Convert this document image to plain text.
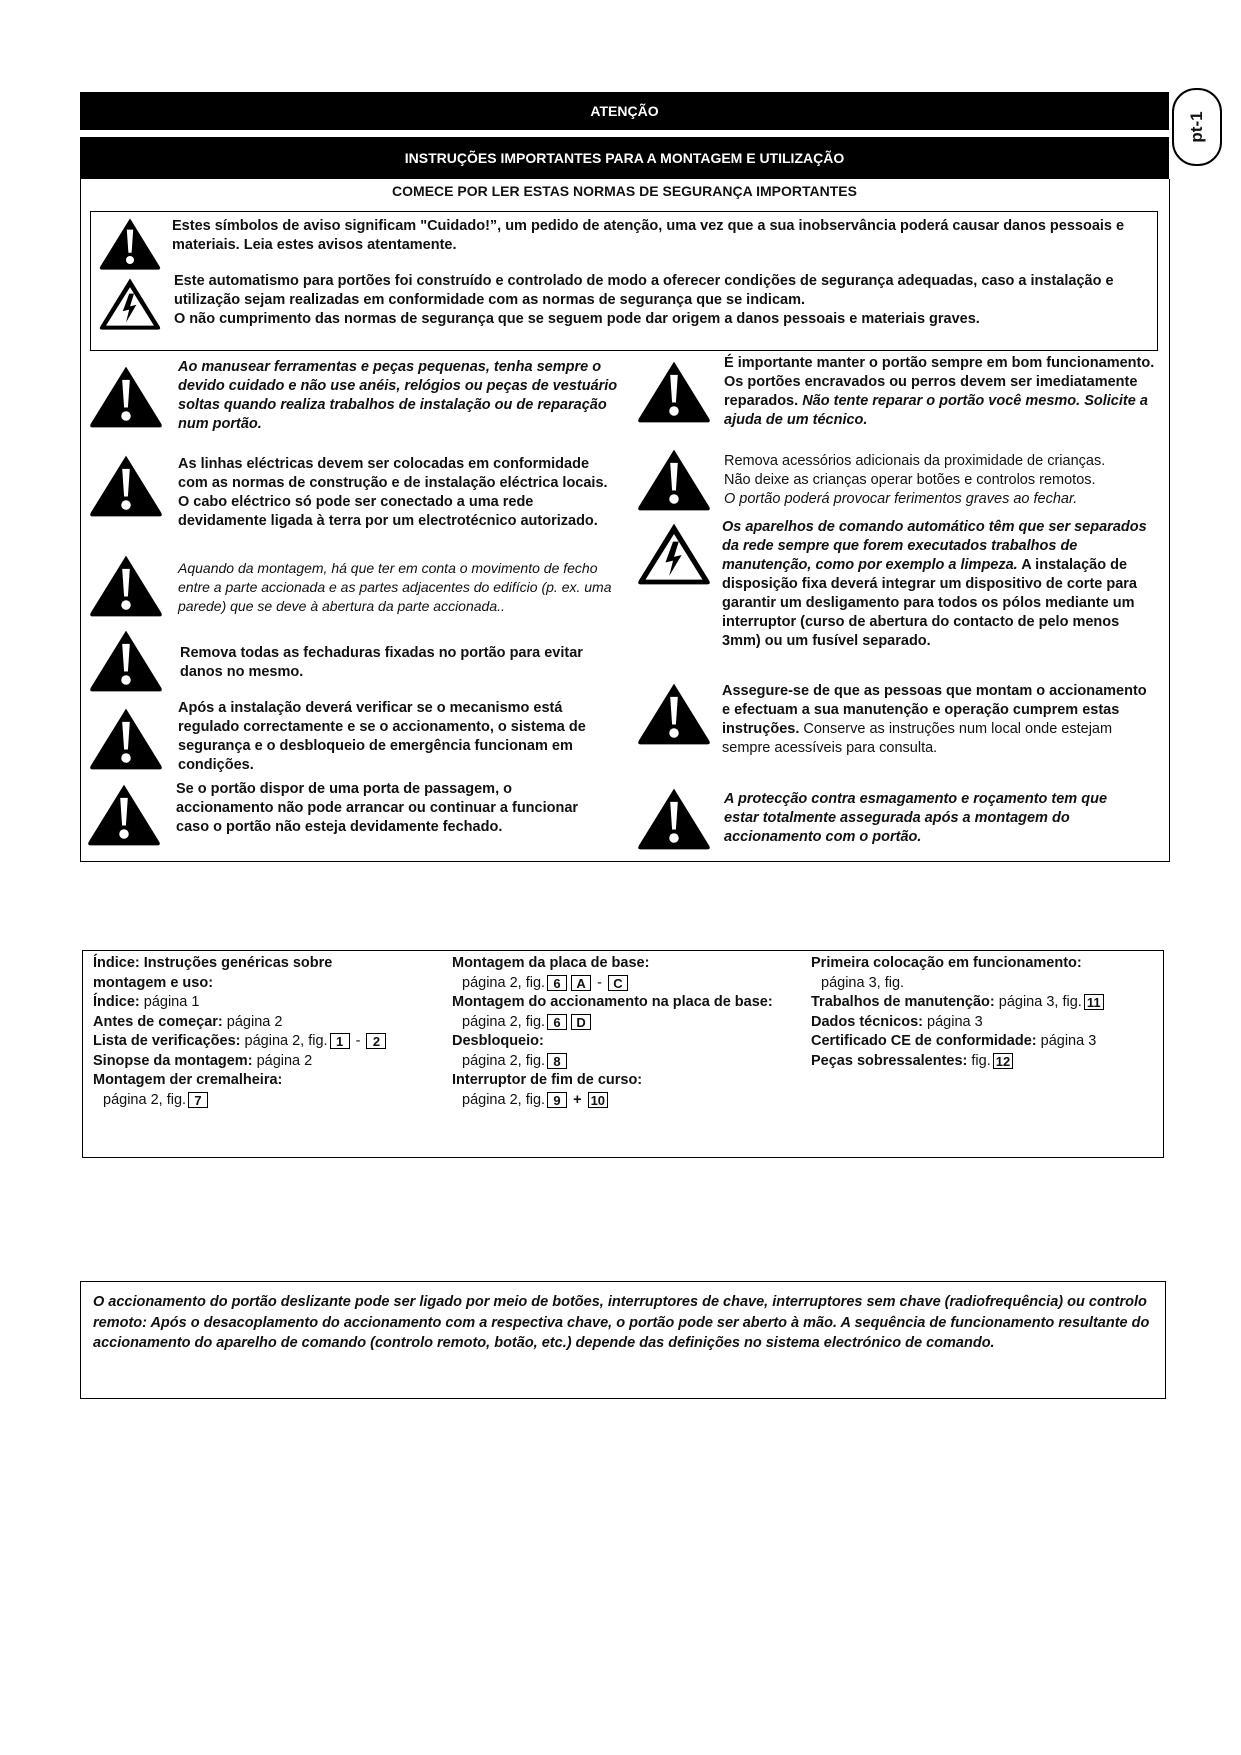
ATENÇÃO
INSTRUÇÕES IMPORTANTES PARA A MONTAGEM E UTILIZAÇÃO
COMECE POR LER ESTAS NORMAS DE SEGURANÇA IMPORTANTES
pt-1
Estes símbolos de aviso significam "Cuidado!”, um pedido de atenção, uma vez que a sua inobservância poderá causar danos pessoais e materiais. Leia estes avisos atentamente.
Este automatismo para portões foi construído e controlado de modo a oferecer condições de segurança adequadas, caso a instalação e utilização sejam realizadas em conformidade com as normas de segurança que se indicam.
O não cumprimento das normas de segurança que se seguem pode dar origem a danos pessoais e materiais graves.
Ao manusear ferramentas e peças pequenas, tenha sempre o devido cuidado e não use anéis, relógios ou peças de vestuário soltas quando realiza trabalhos de instalação ou de reparação num portão.
As linhas eléctricas devem ser colocadas em conformidade com as normas de construção e de instalação eléctrica locais. O cabo eléctrico só pode ser conectado a uma rede devidamente ligada à terra por um electrotécnico autorizado.
Aquando da montagem, há que ter em conta o movimento de fecho entre a parte accionada e as partes adjacentes do edifício (p. ex. uma parede) que se deve à abertura da parte accionada..
Remova todas as fechaduras fixadas no portão para evitar danos no mesmo.
Após a instalação deverá verificar se o mecanismo está regulado correctamente e se o accionamento, o sistema de segurança e o desbloqueio de emergência funcionam em condições.
Se o portão dispor de uma porta de passagem, o accionamento não pode arrancar ou continuar a funcionar caso o portão não esteja devidamente fechado.
É importante manter o portão sempre em bom funcionamento. Os portões encravados ou perros devem ser imediatamente reparados. Não tente reparar o portão você mesmo. Solicite a ajuda de um técnico.
Remova acessórios adicionais da proximidade de crianças.
Não deixe as crianças operar botões e controlos remotos.
O portão poderá provocar ferimentos graves ao fechar.
Os aparelhos de comando automático têm que ser separados da rede sempre que forem executados trabalhos de manutenção, como por exemplo a limpeza. A instalação de disposição fixa deverá integrar um dispositivo de corte para garantir um desligamento para todos os pólos mediante um interruptor (curso de abertura do contacto de pelo menos 3mm) ou um fusível separado.
Assegure-se de que as pessoas que montam o accionamento e efectuam a sua manutenção e operação cumprem estas instruções. Conserve as instruções num local onde estejam sempre acessíveis para consulta.
A protecção contra esmagamento e roçamento tem que estar totalmente assegurada após a montagem do accionamento com o portão.
Índice: Instruções genéricas sobre
montagem e uso:
Índice: página 1
Antes de começar: página 2
Lista de verificações: página 2, fig. 1 - 2
Sinopse da montagem: página 2
Montagem der cremalheira:
página 2, fig. 7
Montagem da placa de base:
página 2, fig. 6 A - C
Montagem do accionamento na placa de base:
página 2, fig. 6 D
Desbloqueio:
página 2, fig. 8
Interruptor de fim de curso:
página 2, fig. 9 + 10
Primeira colocação em funcionamento:
página 3, fig.
Trabalhos de manutenção: página 3, fig. 11
Dados técnicos: página 3
Certificado CE de conformidade: página 3
Peças sobressalentes: fig. 12
O accionamento do portão deslizante pode ser ligado por meio de botões, interruptores de chave, interruptores sem chave (radiofrequência) ou controlo remoto: Após o desacoplamento do accionamento com a respectiva chave, o portão pode ser aberto à mão. A sequência de funcionamento resultante do accionamento do aparelho de comando (controlo remoto, botão, etc.) depende das definições no sistema electrónico de comando.
